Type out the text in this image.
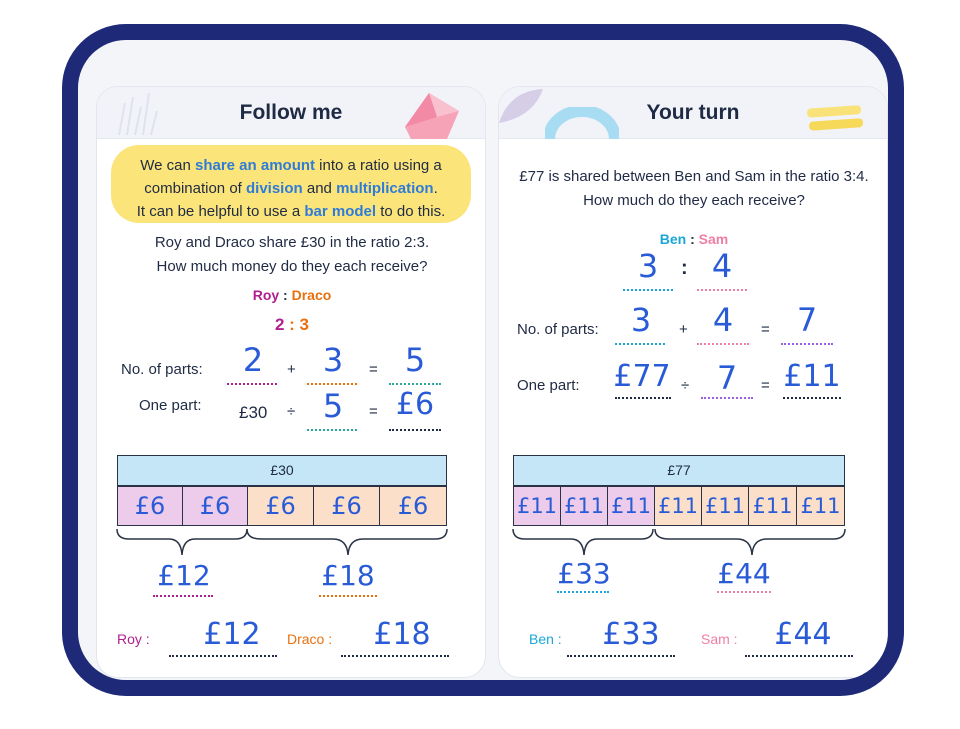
Follow me
We can share an amount into a ratio using a
combination of division and multiplication.
It can be helpful to use a bar model to do this.
Roy and Draco share £30 in the ratio 2:3.
How much money do they each receive?
Roy : Draco
2 : 3
No. of parts:	2	+ 3	= 5
One part: £30 ÷ 5	= £6
£30
£6	£6	£6	£6	£6
£12	£18
Roy :	£12	Draco :	£18
Your turn
£77 is shared between Ben and Sam in the ratio 3:4.
How much do they each receive?
Ben : Sam
3	: 4
No. of parts:	3	+ 4	= 7
One part: £77 ÷ 7	= £11
£77
£11 £11 £11 £11 £11 £11 £11
£33	£44
Ben :	£33	Sam :	£44
